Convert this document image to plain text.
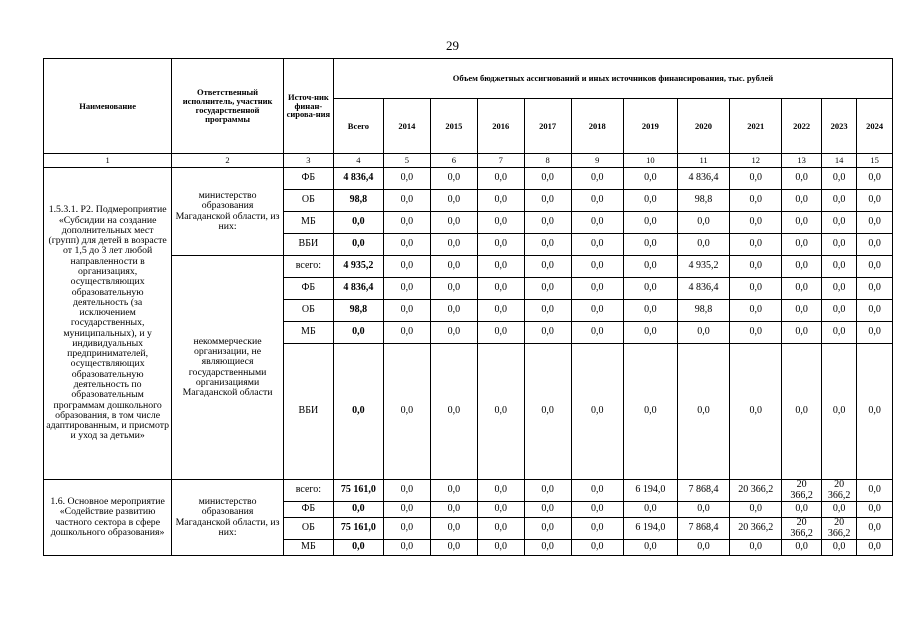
29
Наименование	Ответственный исполнитель, участник государственной программы	Источ-ник финан-сирова-ния	Объем бюджетных ассигнований и иных источников финансирования, тыс. рублей											
			Всего	2014	2015	2016	2017	2018	2019	2020	2021	2022	2023	2024
1	2	3	4	5	6	7	8	9	10	11	12	13	14	15
1.5.3.1. Р2. Подмероприятие «Субсидии на создание дополнительных мест (групп) для детей в возрасте от 1,5 до 3 лет любой направленности в организациях, осуществляющих образовательную деятельность (за исключением государственных, муниципальных), и у индивидуальных предпринимателей, осуществляющих образовательную деятельность по образовательным программам дошкольного образования, в том числе адаптированным, и присмотр и уход за детьми»	министерство образования Магаданской области, из них:	ФБ	4 836,4	0,0	0,0	0,0	0,0	0,0	0,0	4 836,4	0,0	0,0	0,0	0,0
		ОБ	98,8	0,0	0,0	0,0	0,0	0,0	0,0	98,8	0,0	0,0	0,0	0,0
		МБ	0,0	0,0	0,0	0,0	0,0	0,0	0,0	0,0	0,0	0,0	0,0	0,0
		ВБИ	0,0	0,0	0,0	0,0	0,0	0,0	0,0	0,0	0,0	0,0	0,0	0,0
	некоммерческие организации, не являющиеся государственными организациями Магаданской области	всего:	4 935,2	0,0	0,0	0,0	0,0	0,0	0,0	4 935,2	0,0	0,0	0,0	0,0
		ФБ	4 836,4	0,0	0,0	0,0	0,0	0,0	0,0	4 836,4	0,0	0,0	0,0	0,0
		ОБ	98,8	0,0	0,0	0,0	0,0	0,0	0,0	98,8	0,0	0,0	0,0	0,0
		МБ	0,0	0,0	0,0	0,0	0,0	0,0	0,0	0,0	0,0	0,0	0,0	0,0
		ВБИ	0,0	0,0	0,0	0,0	0,0	0,0	0,0	0,0	0,0	0,0	0,0	0,0
1.6. Основное мероприятие «Содействие развитию частного сектора в сфере дошкольного образования»	министерство образования Магаданской области, из них:	всего:	75 161,0	0,0	0,0	0,0	0,0	0,0	6 194,0	7 868,4	20 366,2	20 366,2	20 366,2	0,0
		ФБ	0,0	0,0	0,0	0,0	0,0	0,0	0,0	0,0	0,0	0,0	0,0	0,0
		ОБ	75 161,0	0,0	0,0	0,0	0,0	0,0	6 194,0	7 868,4	20 366,2	20 366,2	20 366,2	0,0
		МБ	0,0	0,0	0,0	0,0	0,0	0,0	0,0	0,0	0,0	0,0	0,0	0,0
